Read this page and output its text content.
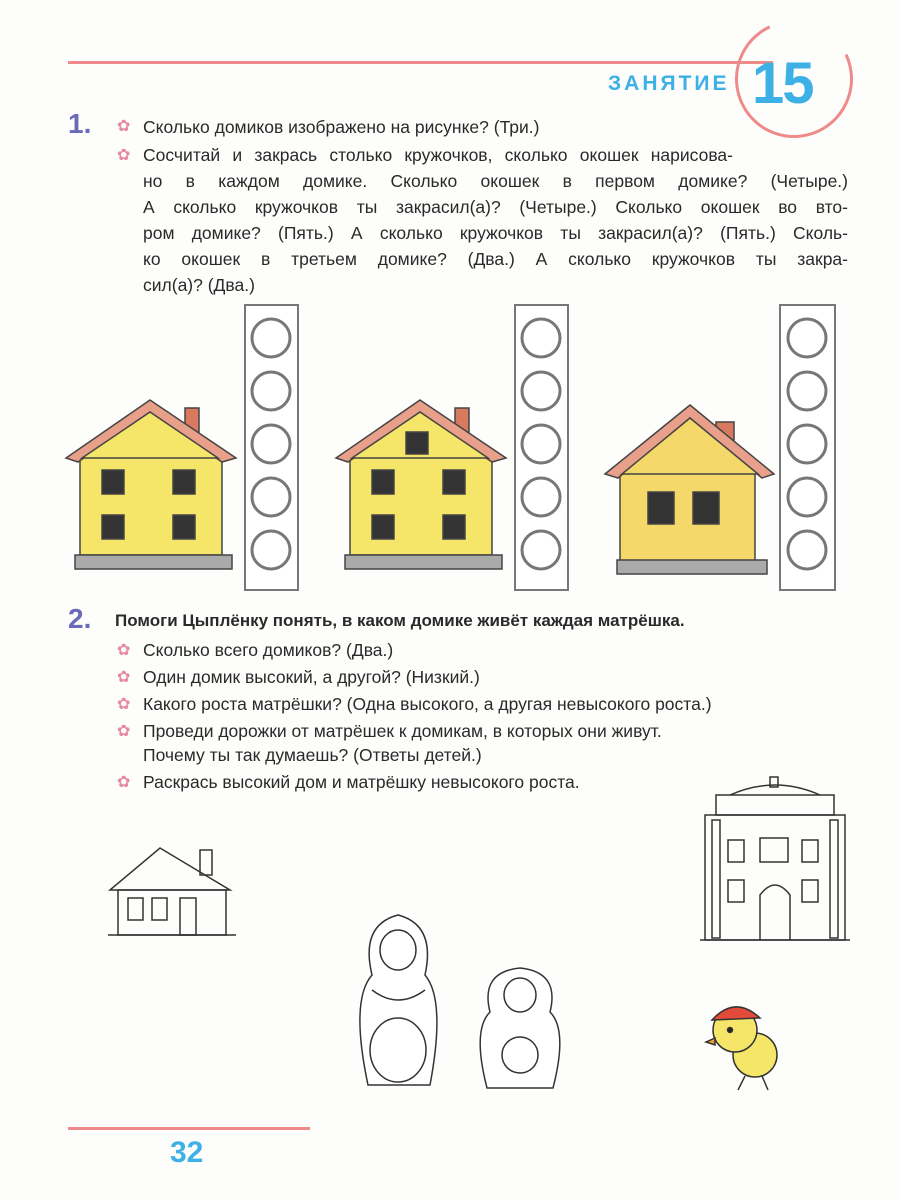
ЗАНЯТИЕ 15
1. ✿ Сколько домиков изображено на рисунке? (Три.)
✿ Сосчитай и закрась столько кружочков, сколько окошек нарисова-
но в каждом домике. Сколько окошек в первом домике? (Четыре.)
А сколько кружочков ты закрасил(а)? (Четыре.) Сколько окошек во вто-
ром домике? (Пять.) А сколько кружочков ты закрасил(а)? (Пять.) Сколь-
ко окошек в третьем домике? (Два.) А сколько кружочков ты закра-
сил(а)? (Два.)
2. Помоги Цыплёнку понять, в каком домике живёт каждая матрёшка.
✿ Сколько всего домиков? (Два.)
✿ Один домик высокий, а другой? (Низкий.)
✿ Какого роста матрёшки? (Одна высокого, а другая невысокого роста.)
✿ Проведи дорожки от матрёшек к домикам, в которых они живут.
Почему ты так думаешь? (Ответы детей.)
✿ Раскрась высокий дом и матрёшку невысокого роста.
32
